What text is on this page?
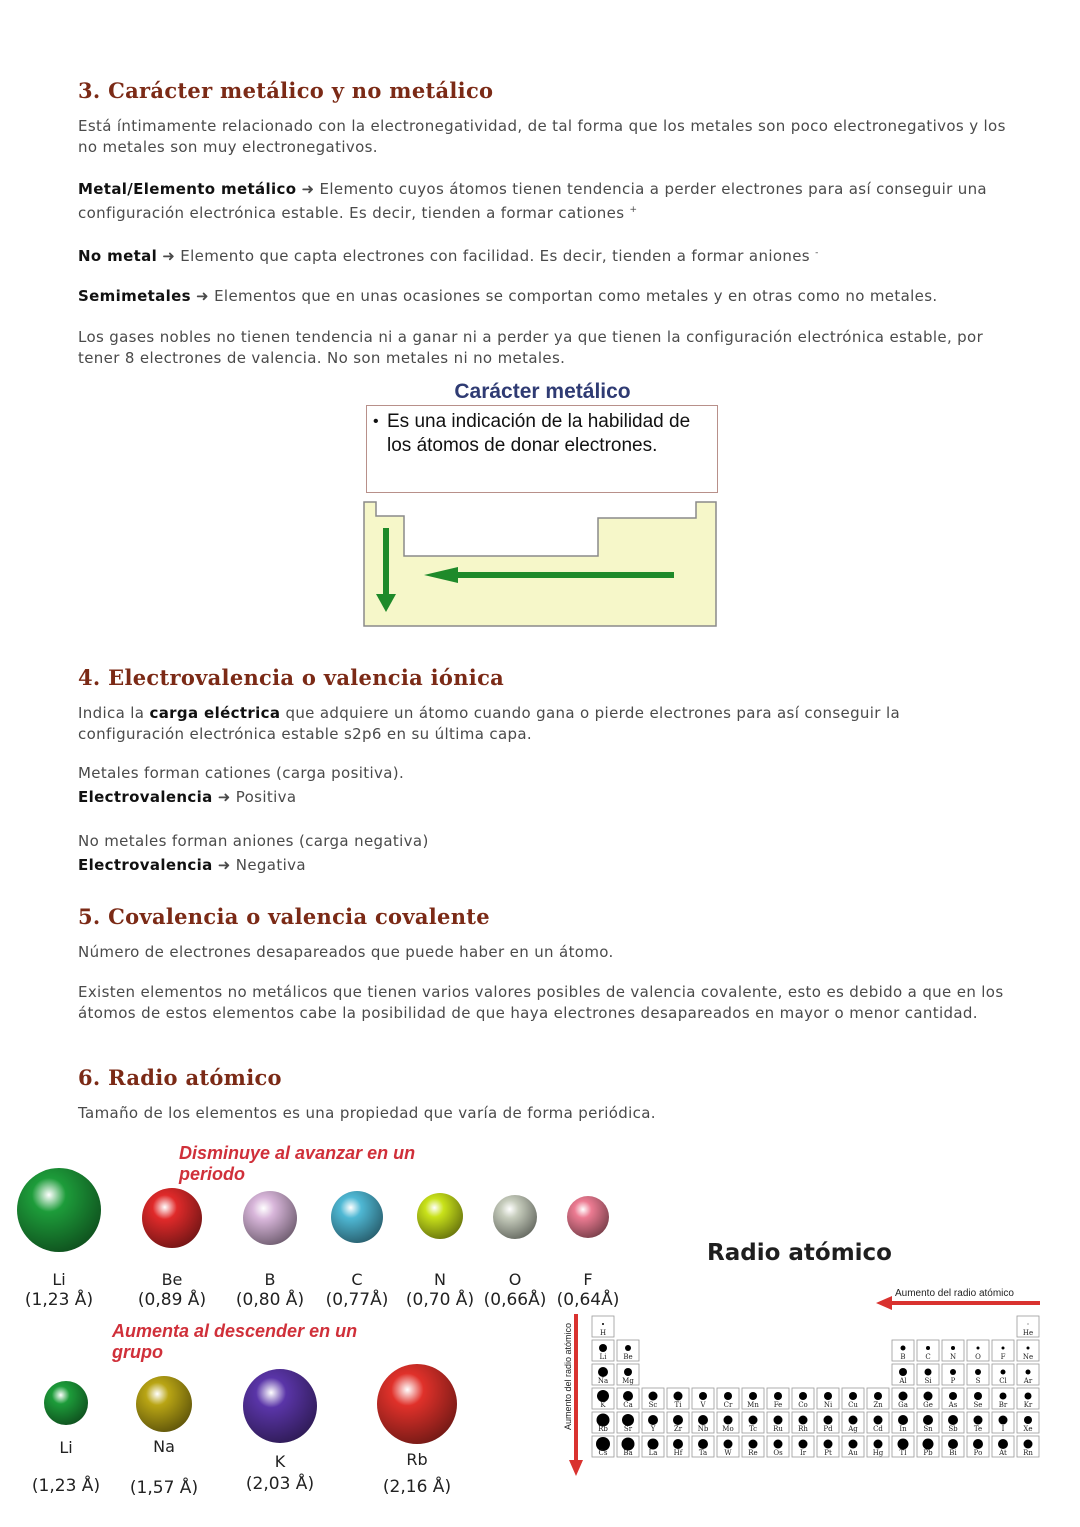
3. Carácter metálico y no metálico

Está íntimamente relacionado con la electronegatividad, de tal forma que los metales son poco electronegativos y los no metales son muy electronegativos.

Metal/Elemento metálico ➜ Elemento cuyos átomos tienen tendencia a perder electrones para así conseguir una configuración electrónica estable. Es decir, tienden a formar cationes +

No metal ➜ Elemento que capta electrones con facilidad. Es decir, tienden a formar aniones -

Semimetales ➜ Elementos que en unas ocasiones se comportan como metales y en otras como no metales.

Los gases nobles no tienen tendencia ni a ganar ni a perder ya que tienen la configuración electrónica estable, por tener 8 electrones de valencia. No son metales ni no metales.

Carácter metálico
• Es una indicación de la habilidad de los átomos de donar electrones.
4. Electrovalencia o valencia iónica

Indica la carga eléctrica que adquiere un átomo cuando gana o pierde electrones para así conseguir la configuración electrónica estable s2p6 en su última capa.

Metales forman cationes (carga positiva).

Electrovalencia ➜ Positiva

No metales forman aniones (carga negativa)

Electrovalencia ➜ Negativa

5. Covalencia o valencia covalente

Número de electrones desapareados que puede haber en un átomo.

Existen elementos no metálicos que tienen varios valores posibles de valencia covalente, esto es debido a que en los átomos de estos elementos cabe la posibilidad de que haya electrones desapareados en mayor o menor cantidad.

6. Radio atómico

Tamaño de los elementos es una propiedad que varía de forma periódica.

Disminuye al avanzar en un periodo

Aumenta al descender en un grupo

Li
(1,23 Å)
Be
(0,89 Å)
B
(0,80 Å)
C
(0,77Å)
N
(0,70 Å)
O
(0,66Å)
F
(0,64Å)
Li
(1,23 Å)
Na
(1,57 Å)
K
(2,03 Å)
Rb
(2,16 Å)
Radio atómico
Aumento del radio atómico	H	He
Li Be	B	C	N	O	F Ne
Na Mg	Al	Si	P	S	Cl Ar
K	Ca Sc Ti	V	Cr Mn Fe Co Ni Cu Zn Ga Ge As Se Br Kr
Rb Sr	Y	Zr Nb Mo Tc Ru Rh Pd Ag Cd In Sn Sb Te	I	Xe
Cs Ba La Hf Ta W Re Os Ir	Pt Au Hg Tl Pb Bi Po At Rn
Aumento del radio atómico
